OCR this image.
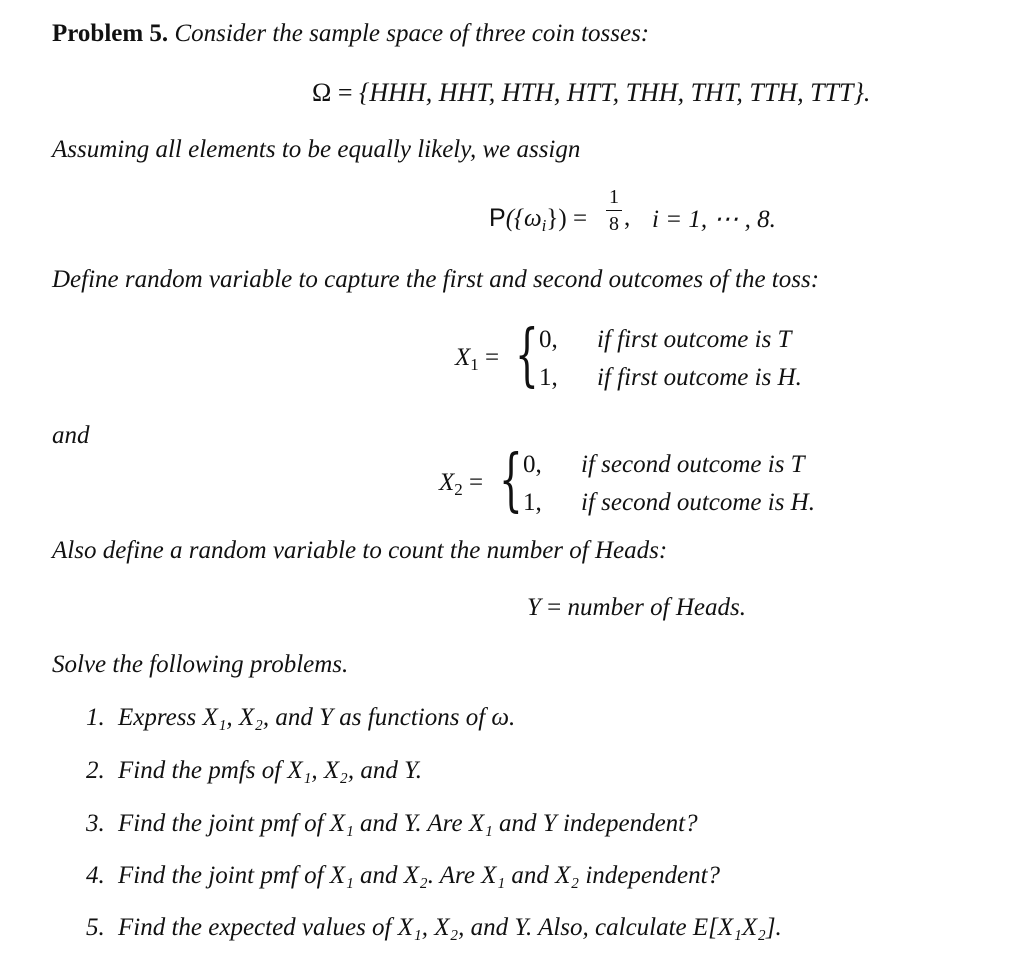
Problem 5. Consider the sample space of three coin tosses:
Ω = {HHH, HHT, HTH, HTT, THH, THT, TTH, TTT}.
Assuming all elements to be equally likely, we assign
$P(\{\omega_i\})$ =
1
8 , i = 1, ⋯ , 8.
Define random variable to capture the first and second outcomes of the toss:
$X_1$ = { 0, if first outcome is T
1, if first outcome is H.
and
$X_2$ = { 0, if second outcome is T
1, if second outcome is H.
Also define a random variable to count the number of Heads:
Y = number of Heads.
Solve the following problems.
1. Express X₁, X₂, and Y as functions of ω.
2. Find the pmfs of X₁, X₂, and Y.
3. Find the joint pmf of X₁ and Y. Are X₁ and Y independent?
4. Find the joint pmf of X₁ and X₂. Are X₁ and X₂ independent?
5. Find the expected values of X₁, X₂, and Y. Also, calculate E[X₁X₂].
